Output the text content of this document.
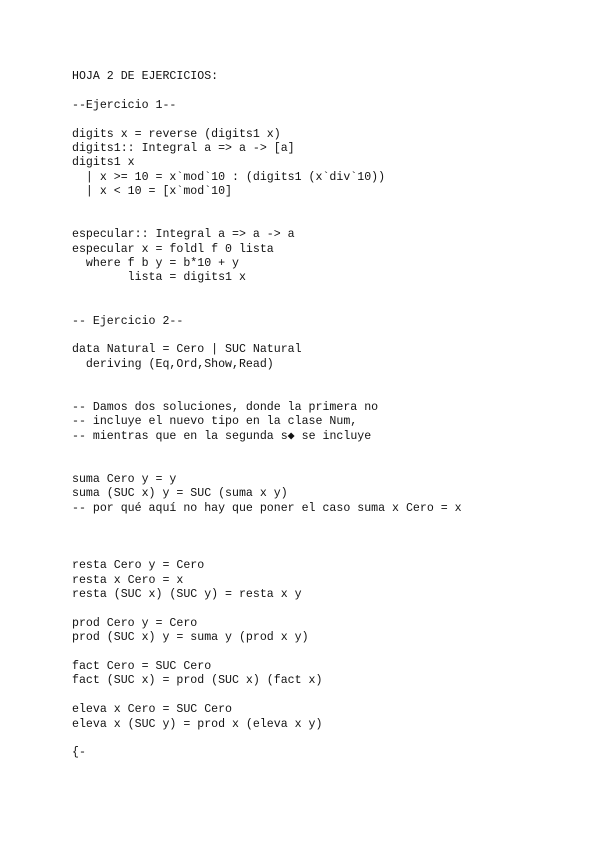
HOJA 2 DE EJERCICIOS:
--Ejercicio 1--
digits x = reverse (digits1 x)
digits1:: Integral a => a -> [a]
digits1 x
| x >= 10 = x`mod`10 : (digits1 (x`div`10))
| x < 10 = [x`mod`10]
especular:: Integral a => a -> a
especular x = foldl f 0 lista
where f b y = b*10 + y
lista = digits1 x
-- Ejercicio 2--
data Natural = Cero | SUC Natural
deriving (Eq,Ord,Show,Read)
-- Damos dos soluciones, donde la primera no
-- incluye el nuevo tipo en la clase Num,
-- mientras que en la segunda s◆ se incluye
suma Cero y = y
suma (SUC x) y = SUC (suma x y)
-- por qué aquí no hay que poner el caso suma x Cero = x
resta Cero y = Cero
resta x Cero = x
resta (SUC x) (SUC y) = resta x y
prod Cero y = Cero
prod (SUC x) y = suma y (prod x y)
fact Cero = SUC Cero
fact (SUC x) = prod (SUC x) (fact x)
eleva x Cero = SUC Cero
eleva x (SUC y) = prod x (eleva x y)
{-
